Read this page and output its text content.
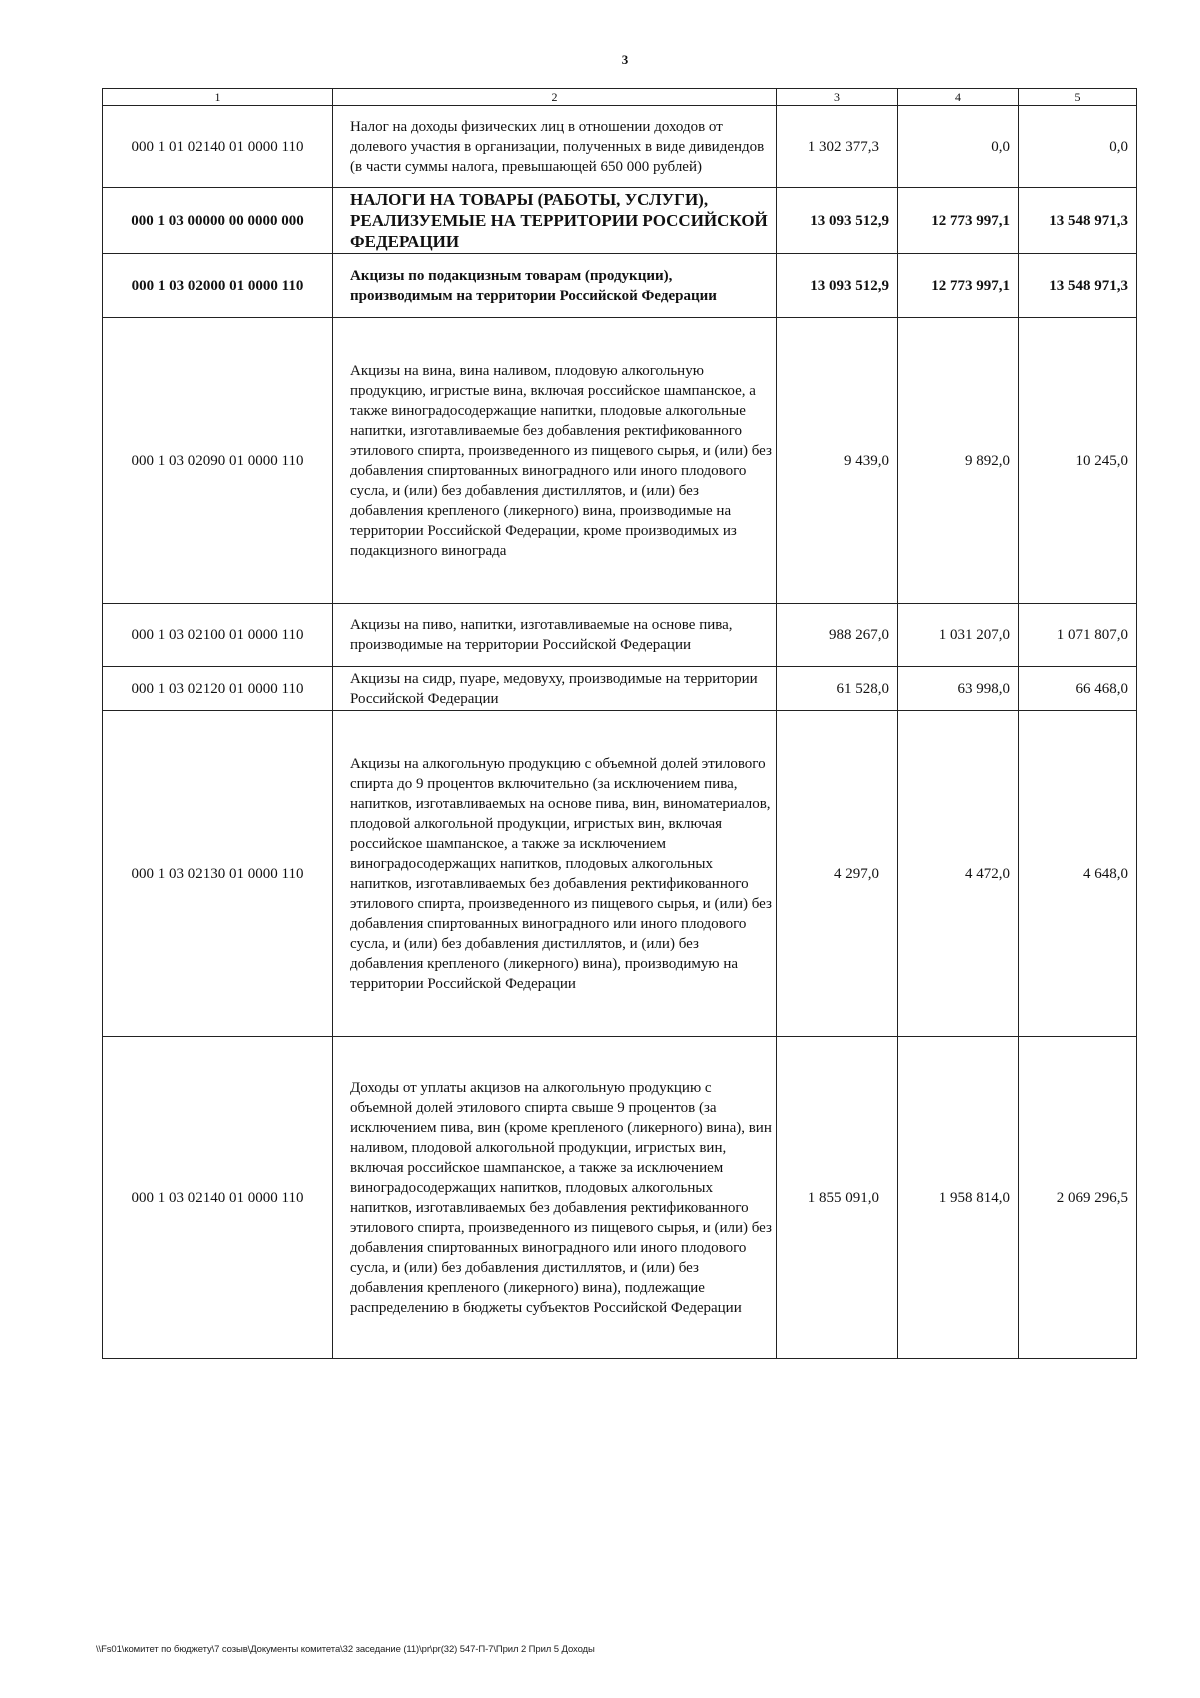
3
1	2	3	4	5
000 1 01 02140 01 0000 110	Налог на доходы физических лиц в отношении доходов от долевого участия в организации, полученных в виде дивидендов (в части суммы налога, превышающей 650 000 рублей)	1 302 377,3	0,0	0,0
000 1 03 00000 00 0000 000	НАЛОГИ НА ТОВАРЫ (РАБОТЫ, УСЛУГИ), РЕАЛИЗУЕМЫЕ НА ТЕРРИТОРИИ РОССИЙСКОЙ ФЕДЕРАЦИИ	13 093 512,9	12 773 997,1	13 548 971,3
000 1 03 02000 01 0000 110	Акцизы по подакцизным товарам (продукции), производимым на территории Российской Федерации	13 093 512,9	12 773 997,1	13 548 971,3
000 1 03 02090 01 0000 110	Акцизы на вина, вина наливом, плодовую алкогольную продукцию, игристые вина, включая российское шампанское, а также виноградосодержащие напитки, плодовые алкогольные напитки, изготавливаемые без добавления ректификованного этилового спирта, произведенного из пищевого сырья, и (или) без добавления спиртованных виноградного или иного плодового сусла, и (или) без добавления дистиллятов, и (или) без добавления крепленого (ликерного) вина, производимые на территории Российской Федерации, кроме производимых из подакцизного винограда	9 439,0	9 892,0	10 245,0
000 1 03 02100 01 0000 110	Акцизы на пиво, напитки, изготавливаемые на основе пива, производимые на территории Российской Федерации	988 267,0	1 031 207,0	1 071 807,0
000 1 03 02120 01 0000 110	Акцизы на сидр, пуаре, медовуху, производимые на территории Российской Федерации	61 528,0	63 998,0	66 468,0
000 1 03 02130 01 0000 110	Акцизы на алкогольную продукцию с объемной долей этилового спирта до 9 процентов включительно (за исключением пива, напитков, изготавливаемых на основе пива, вин, виноматериалов, плодовой алкогольной продукции, игристых вин, включая российское шампанское, а также за исключением виноградосодержащих напитков, плодовых алкогольных напитков, изготавливаемых без добавления ректификованного этилового спирта, произведенного из пищевого сырья, и (или) без добавления спиртованных виноградного или иного плодового сусла, и (или) без добавления дистиллятов, и (или) без добавления крепленого (ликерного) вина), производимую на территории Российской Федерации	4 297,0	4 472,0	4 648,0
000 1 03 02140 01 0000 110	Доходы от уплаты акцизов на алкогольную продукцию с объемной долей этилового спирта свыше 9 процентов (за исключением пива, вин (кроме крепленого (ликерного) вина), вин наливом, плодовой алкогольной продукции, игристых вин, включая российское шампанское, а также за исключением виноградосодержащих напитков, плодовых алкогольных напитков, изготавливаемых без добавления ректификованного этилового спирта, произведенного из пищевого сырья, и (или) без добавления спиртованных виноградного или иного плодового сусла, и (или) без добавления дистиллятов, и (или) без добавления крепленого (ликерного) вина), подлежащие распределению в бюджеты субъектов Российской Федерации	1 855 091,0	1 958 814,0	2 069 296,5
\\Fs01\комитет по бюджету\7 созыв\Документы комитета\32 заседание (11)\pr\pr(32) 547-П-7\Прил 2 Прил 5 Доходы
